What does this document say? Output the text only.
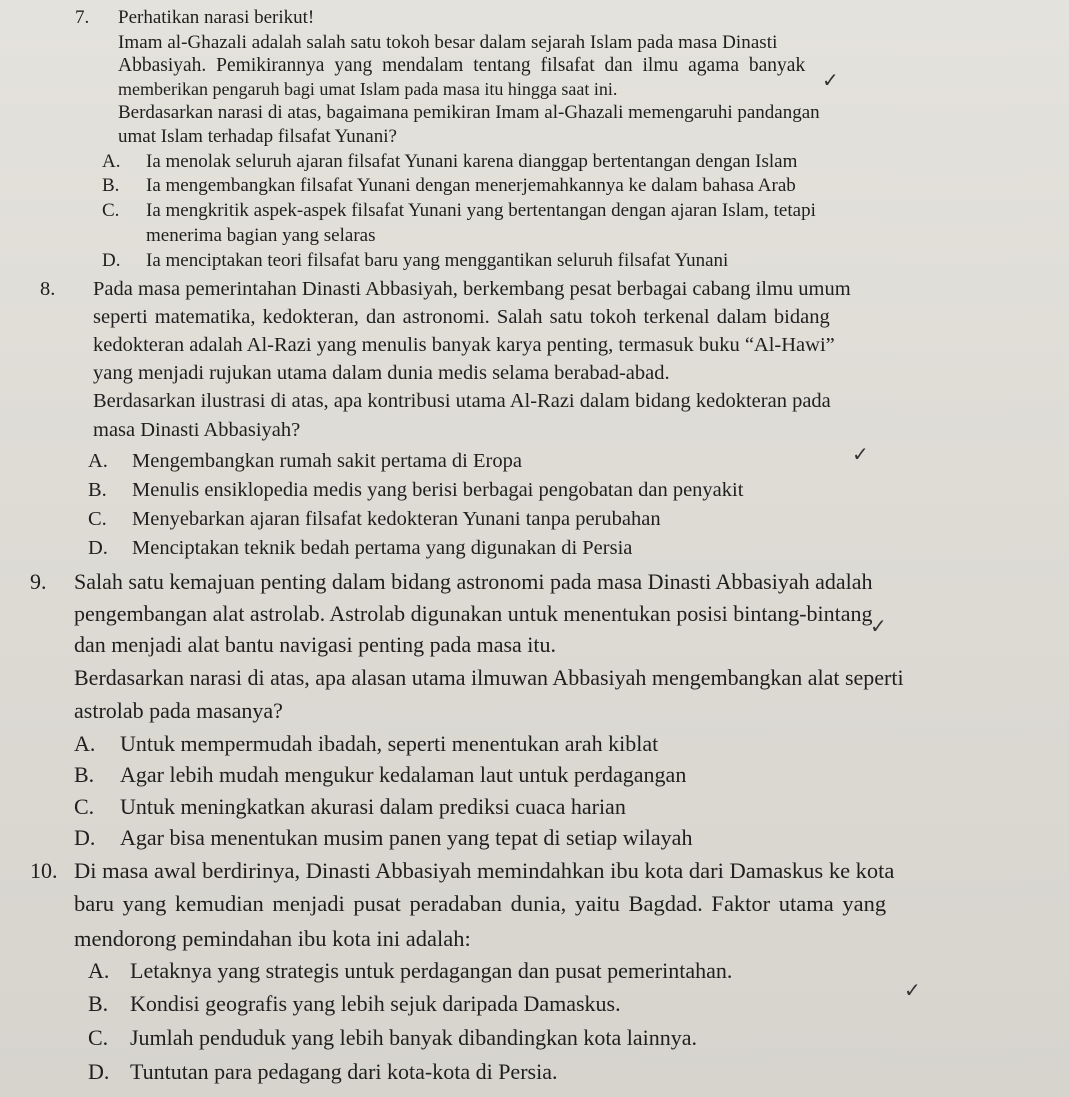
7. Perhatikan narasi berikut!
Imam al-Ghazali adalah salah satu tokoh besar dalam sejarah Islam pada masa Dinasti
Abbasiyah. Pemikirannya yang mendalam tentang filsafat dan ilmu agama banyak
memberikan pengaruh bagi umat Islam pada masa itu hingga saat ini.
Berdasarkan narasi di atas, bagaimana pemikiran Imam al-Ghazali memengaruhi pandangan
umat Islam terhadap filsafat Yunani?
A. Ia menolak seluruh ajaran filsafat Yunani karena dianggap bertentangan dengan Islam
B. Ia mengembangkan filsafat Yunani dengan menerjemahkannya ke dalam bahasa Arab
C. Ia mengkritik aspek-aspek filsafat Yunani yang bertentangan dengan ajaran Islam, tetapi
menerima bagian yang selaras
D. Ia menciptakan teori filsafat baru yang menggantikan seluruh filsafat Yunani
8. Pada masa pemerintahan Dinasti Abbasiyah, berkembang pesat berbagai cabang ilmu umum
seperti matematika, kedokteran, dan astronomi. Salah satu tokoh terkenal dalam bidang
kedokteran adalah Al-Razi yang menulis banyak karya penting, termasuk buku “Al-Hawi”
yang menjadi rujukan utama dalam dunia medis selama berabad-abad.
Berdasarkan ilustrasi di atas, apa kontribusi utama Al-Razi dalam bidang kedokteran pada
masa Dinasti Abbasiyah?
A. Mengembangkan rumah sakit pertama di Eropa
B. Menulis ensiklopedia medis yang berisi berbagai pengobatan dan penyakit
C. Menyebarkan ajaran filsafat kedokteran Yunani tanpa perubahan
D. Menciptakan teknik bedah pertama yang digunakan di Persia
9. Salah satu kemajuan penting dalam bidang astronomi pada masa Dinasti Abbasiyah adalah
pengembangan alat astrolab. Astrolab digunakan untuk menentukan posisi bintang-bintang
dan menjadi alat bantu navigasi penting pada masa itu.
Berdasarkan narasi di atas, apa alasan utama ilmuwan Abbasiyah mengembangkan alat seperti
astrolab pada masanya?
A. Untuk mempermudah ibadah, seperti menentukan arah kiblat
B. Agar lebih mudah mengukur kedalaman laut untuk perdagangan
C. Untuk meningkatkan akurasi dalam prediksi cuaca harian
D. Agar bisa menentukan musim panen yang tepat di setiap wilayah
10. Di masa awal berdirinya, Dinasti Abbasiyah memindahkan ibu kota dari Damaskus ke kota
baru yang kemudian menjadi pusat peradaban dunia, yaitu Bagdad. Faktor utama yang
mendorong pemindahan ibu kota ini adalah:
A. Letaknya yang strategis untuk perdagangan dan pusat pemerintahan.
B. Kondisi geografis yang lebih sejuk daripada Damaskus.
C. Jumlah penduduk yang lebih banyak dibandingkan kota lainnya.
D. Tuntutan para pedagang dari kota-kota di Persia.
✓
✓
✓
✓
